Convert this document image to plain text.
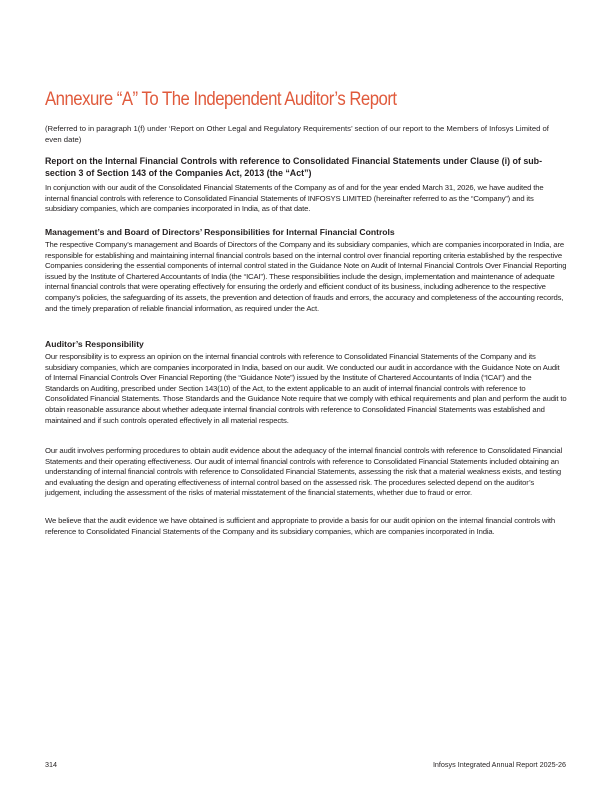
Annexure “A” To The Independent Auditor’s Report
(Referred to in paragraph 1(f) under ‘Report on Other Legal and Regulatory Requirements’ section of our report to the Members of Infosys Limited of even date)
Report on the Internal Financial Controls with reference to Consolidated Financial Statements under Clause (i) of sub-section 3 of Section 143 of the Companies Act, 2013 (the “Act”)

In conjunction with our audit of the Consolidated Financial Statements of the Company as of and for the year ended March 31, 2026, we have audited the internal financial controls with reference to Consolidated Financial Statements of INFOSYS LIMITED (hereinafter referred to as the “Company”) and its subsidiary companies, which are companies incorporated in India, as of that date.

Management’s and Board of Directors’ Responsibilities for Internal Financial Controls

The respective Company’s management and Boards of Directors of the Company and its subsidiary companies, which are companies incorporated in India, are responsible for establishing and maintaining internal financial controls based on the internal control over financial reporting criteria established by the respective Companies considering the essential components of internal control stated in the Guidance Note on Audit of Internal Financial Controls Over Financial Reporting issued by the Institute of Chartered Accountants of India (the “ICAI”). These responsibilities include the design, implementation and maintenance of adequate internal financial controls that were operating effectively for ensuring the orderly and efficient conduct of its business, including adherence to the respective company’s policies, the safeguarding of its assets, the prevention and detection of frauds and errors, the accuracy and completeness of the accounting records, and the timely preparation of reliable financial information, as required under the Act.

Auditor’s Responsibility

Our responsibility is to express an opinion on the internal financial controls with reference to Consolidated Financial Statements of the Company and its subsidiary companies, which are companies incorporated in India, based on our audit. We conducted our audit in accordance with the Guidance Note on Audit of Internal Financial Controls Over Financial Reporting (the “Guidance Note”) issued by the Institute of Chartered Accountants of India (“ICAI”) and the Standards on Auditing, prescribed under Section 143(10) of the Act, to the extent applicable to an audit of internal financial controls with reference to Consolidated Financial Statements. Those Standards and the Guidance Note require that we comply with ethical requirements and plan and perform the audit to obtain reasonable assurance about whether adequate internal financial controls with reference to Consolidated Financial Statements was established and maintained and if such controls operated effectively in all material respects.

Our audit involves performing procedures to obtain audit evidence about the adequacy of the internal financial controls with reference to Consolidated Financial Statements and their operating effectiveness. Our audit of internal financial controls with reference to Consolidated Financial Statements included obtaining an understanding of internal financial controls with reference to Consolidated Financial Statements, assessing the risk that a material weakness exists, and testing and evaluating the design and operating effectiveness of internal control based on the assessed risk. The procedures selected depend on the auditor’s judgement, including the assessment of the risks of material misstatement of the financial statements, whether due to fraud or error.

We believe that the audit evidence we have obtained is sufficient and appropriate to provide a basis for our audit opinion on the internal financial controls with reference to Consolidated Financial Statements of the Company and its subsidiary companies, which are companies incorporated in India.

314	Infosys Integrated Annual Report 2025-26
